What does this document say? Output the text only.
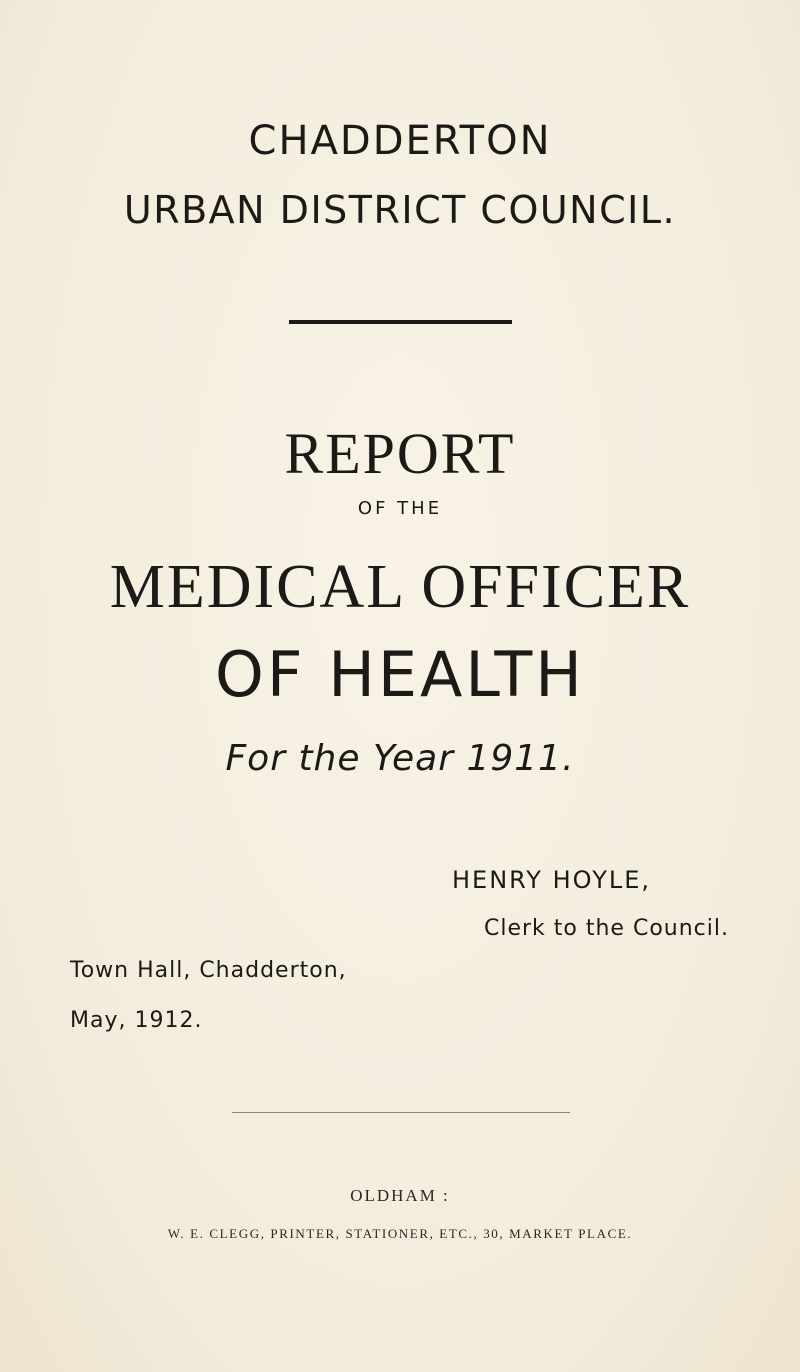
CHADDERTON
URBAN DISTRICT COUNCIL.
REPORT
OF THE
MEDICAL OFFICER
OF HEALTH
For the Year 1911.
HENRY HOYLE,
Clerk to the Council.
Town Hall, Chadderton,
May, 1912.
OLDHAM :
W. E. CLEGG, PRINTER, STATIONER, ETC., 30, MARKET PLACE.
